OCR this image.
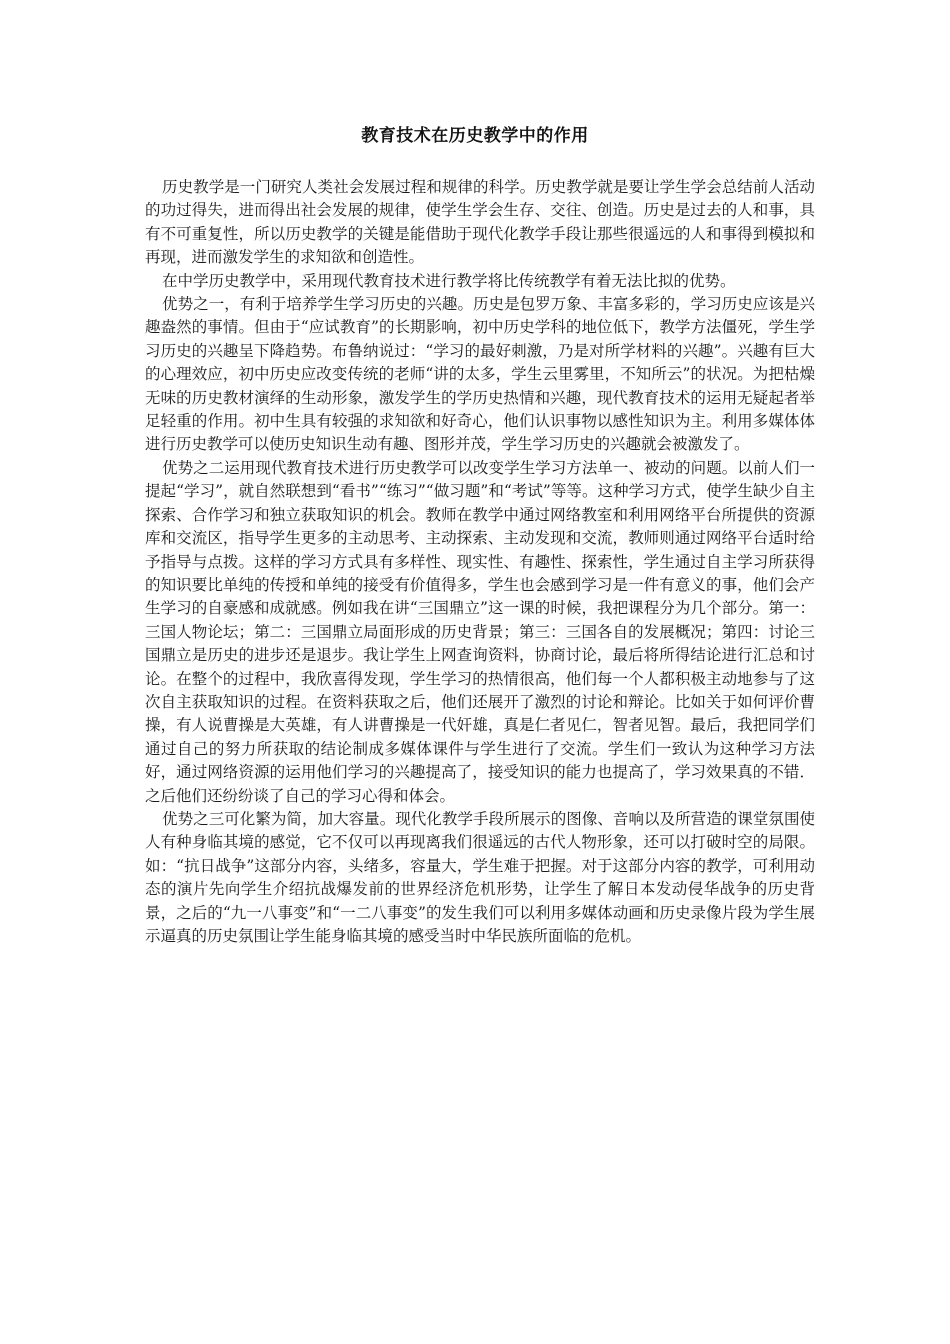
教育技术在历史教学中的作用

历史教学是一门研究人类社会发展过程和规律的科学。历史教学就是要让学生学会总结前人活动的功过得失，进而得出社会发展的规律，使学生学会生存、交往、创造。历史是过去的人和事，具有不可重复性，所以历史教学的关键是能借助于现代化教学手段让那些很遥远的人和事得到模拟和再现，进而激发学生的求知欲和创造性。

在中学历史教学中，采用现代教育技术进行教学将比传统教学有着无法比拟的优势。

优势之一，有利于培养学生学习历史的兴趣。历史是包罗万象、丰富多彩的，学习历史应该是兴趣盎然的事情。但由于“应试教育”的长期影响，初中历史学科的地位低下，教学方法僵死，学生学习历史的兴趣呈下降趋势。布鲁纳说过：“学习的最好刺激，乃是对所学材料的兴趣”。兴趣有巨大的心理效应，初中历史应改变传统的老师“讲的太多，学生云里雾里，不知所云”的状况。为把枯燥无味的历史教材演绎的生动形象，激发学生的学历史热情和兴趣，现代教育技术的运用无疑起者举足轻重的作用。初中生具有较强的求知欲和好奇心，他们认识事物以感性知识为主。利用多媒体体进行历史教学可以使历史知识生动有趣、图形并茂，学生学习历史的兴趣就会被激发了。

优势之二运用现代教育技术进行历史教学可以改变学生学习方法单一、被动的问题。以前人们一提起“学习”，就自然联想到“看书”“练习”“做习题”和“考试”等等。这种学习方式，使学生缺少自主探索、合作学习和独立获取知识的机会。教师在教学中通过网络教室和利用网络平台所提供的资源库和交流区，指导学生更多的主动思考、主动探索、主动发现和交流，教师则通过网络平台适时给予指导与点拨。这样的学习方式具有多样性、现实性、有趣性、探索性，学生通过自主学习所获得的知识要比单纯的传授和单纯的接受有价值得多，学生也会感到学习是一件有意义的事，他们会产生学习的自豪感和成就感。例如我在讲“三国鼎立”这一课的时候，我把课程分为几个部分。第一：三国人物论坛；第二：三国鼎立局面形成的历史背景；第三：三国各自的发展概况；第四：讨论三国鼎立是历史的进步还是退步。我让学生上网查询资料，协商讨论，最后将所得结论进行汇总和讨论。在整个的过程中，我欣喜得发现，学生学习的热情很高，他们每一个人都积极主动地参与了这次自主获取知识的过程。在资料获取之后，他们还展开了激烈的讨论和辩论。比如关于如何评价曹操，有人说曹操是大英雄，有人讲曹操是一代奸雄，真是仁者见仁，智者见智。最后，我把同学们通过自己的努力所获取的结论制成多媒体课件与学生进行了交流。学生们一致认为这种学习方法好，通过网络资源的运用他们学习的兴趣提高了，接受知识的能力也提高了，学习效果真的不错．之后他们还纷纷谈了自己的学习心得和体会。

优势之三可化繁为简，加大容量。现代化教学手段所展示的图像、音响以及所营造的课堂氛围使人有种身临其境的感觉，它不仅可以再现离我们很遥远的古代人物形象，还可以打破时空的局限。如：“抗日战争”这部分内容，头绪多，容量大，学生难于把握。对于这部分内容的教学，可利用动态的演片先向学生介绍抗战爆发前的世界经济危机形势，让学生了解日本发动侵华战争的历史背景，之后的“九一八事变”和“一二八事变”的发生我们可以利用多媒体动画和历史录像片段为学生展示逼真的历史氛围让学生能身临其境的感受当时中华民族所面临的危机。
